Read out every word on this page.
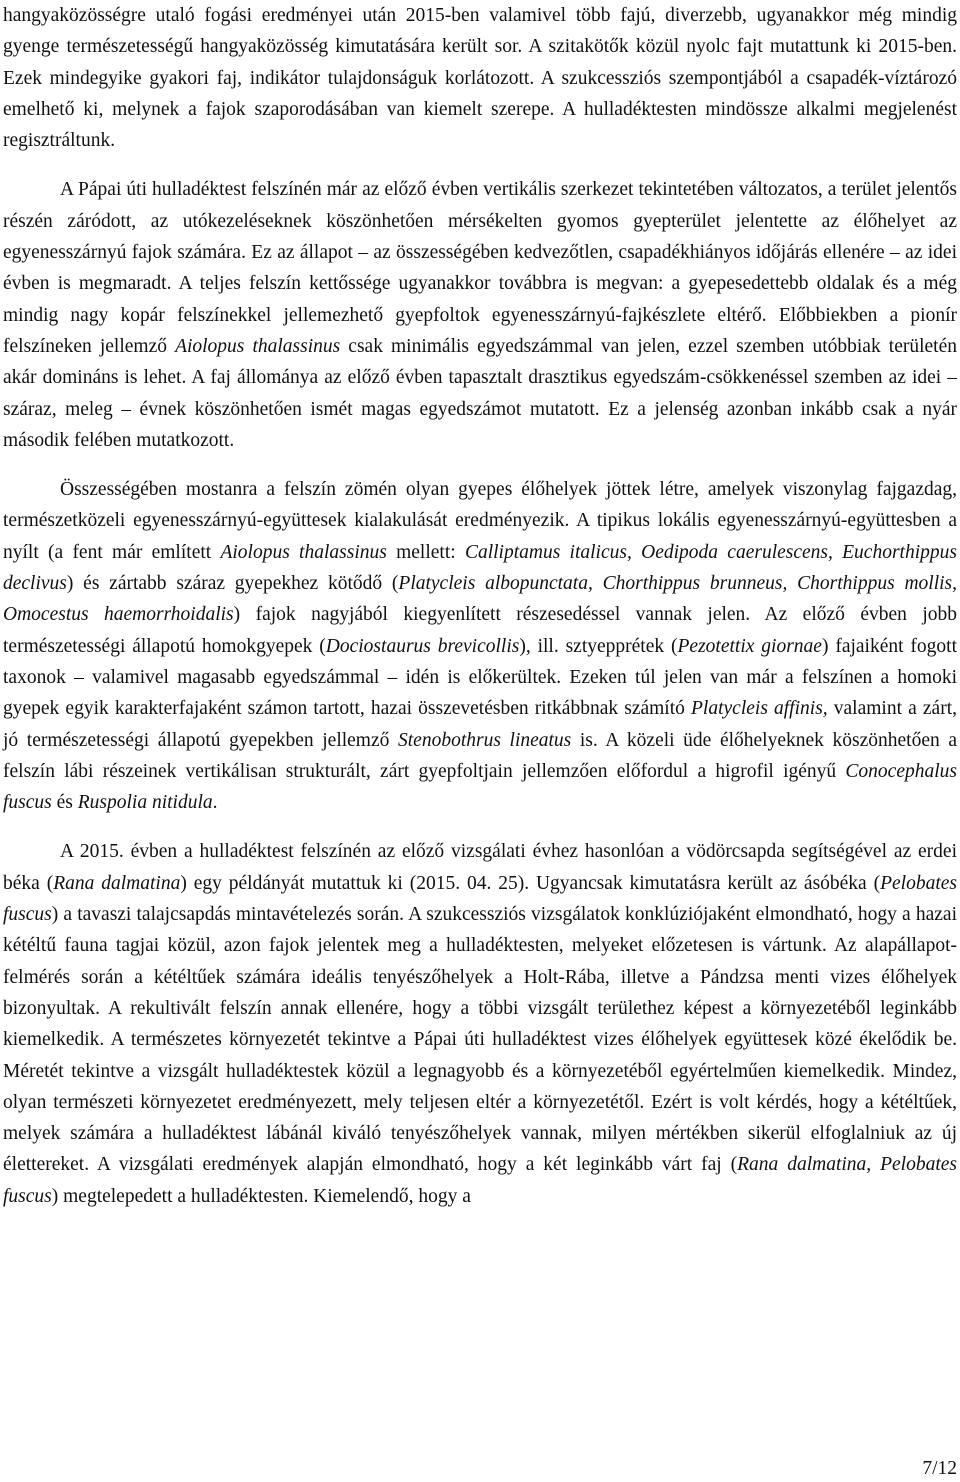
hangyaközösségre utaló fogási eredményei után 2015-ben valamivel több fajú, diverzebb, ugyanakkor még mindig gyenge természetességű hangyaközösség kimutatására került sor. A szitakötők közül nyolc fajt mutattunk ki 2015-ben. Ezek mindegyike gyakori faj, indikátor tulajdonságuk korlátozott. A szukcessziós szempontjából a csapadék-víztározó emelhető ki, melynek a fajok szaporodásában van kiemelt szerepe. A hulladéktesten mindössze alkalmi megjelenést regisztráltunk.

A Pápai úti hulladéktest felszínén már az előző évben vertikális szerkezet tekintetében változatos, a terület jelentős részén záródott, az utókezeléseknek köszönhetően mérsékelten gyomos gyepterület jelentette az élőhelyet az egyenesszárnyú fajok számára. Ez az állapot – az összességében kedvezőtlen, csapadékhiányos időjárás ellenére – az idei évben is megmaradt. A teljes felszín kettőssége ugyanakkor továbbra is megvan: a gyepesedettebb oldalak és a még mindig nagy kopár felszínekkel jellemezhető gyepfoltok egyenesszárnyú-fajkészlete eltérő. Előbbiekben a pionír felszíneken jellemző Aiolopus thalassinus csak minimális egyedszámmal van jelen, ezzel szemben utóbbiak területén akár domináns is lehet. A faj állománya az előző évben tapasztalt drasztikus egyedszám-csökkenéssel szemben az idei – száraz, meleg – évnek köszönhetően ismét magas egyedszámot mutatott. Ez a jelenség azonban inkább csak a nyár második felében mutatkozott.

Összességében mostanra a felszín zömén olyan gyepes élőhelyek jöttek létre, amelyek viszonylag fajgazdag, természetközeli egyenesszárnyú-együttesek kialakulását eredményezik. A tipikus lokális egyenesszárnyú-együttesben a nyílt (a fent már említett Aiolopus thalassinus mellett: Calliptamus italicus, Oedipoda caerulescens, Euchorthippus declivus) és zártabb száraz gyepekhez kötődő (Platycleis albopunctata, Chorthippus brunneus, Chorthippus mollis, Omocestus haemorrhoidalis) fajok nagyjából kiegyenlített részesedéssel vannak jelen. Az előző évben jobb természetességi állapotú homokgyepek (Dociostaurus brevicollis), ill. sztyepprétek (Pezotettix giornae) fajaiként fogott taxonok – valamivel magasabb egyedszámmal – idén is előkerültek. Ezeken túl jelen van már a felszínen a homoki gyepek egyik karakterfajaként számon tartott, hazai összevetésben ritkábbnak számító Platycleis affinis, valamint a zárt, jó természetességi állapotú gyepekben jellemző Stenobothrus lineatus is. A közeli üde élőhelyeknek köszönhetően a felszín lábi részeinek vertikálisan strukturált, zárt gyepfoltjain jellemzően előfordul a higrofil igényű Conocephalus fuscus és Ruspolia nitidula.

A 2015. évben a hulladéktest felszínén az előző vizsgálati évhez hasonlóan a vödörcsapda segítségével az erdei béka (Rana dalmatina) egy példányát mutattuk ki (2015. 04. 25). Ugyancsak kimutatásra került az ásóbéka (Pelobates fuscus) a tavaszi talajcsapdás mintavételezés során. A szukcessziós vizsgálatok konklúziójaként elmondható, hogy a hazai kétéltű fauna tagjai közül, azon fajok jelentek meg a hulladéktesten, melyeket előzetesen is vártunk. Az alapállapot-felmérés során a kétéltűek számára ideális tenyészőhelyek a Holt-Rába, illetve a Pándzsa menti vizes élőhelyek bizonyultak. A rekultivált felszín annak ellenére, hogy a többi vizsgált területhez képest a környezetéből leginkább kiemelkedik. A természetes környezetét tekintve a Pápai úti hulladéktest vizes élőhelyek együttesek közé ékelődik be. Méretét tekintve a vizsgált hulladéktestek közül a legnagyobb és a környezetéből egyértelműen kiemelkedik. Mindez, olyan természeti környezetet eredményezett, mely teljesen eltér a környezetétől. Ezért is volt kérdés, hogy a kétéltűek, melyek számára a hulladéktest lábánál kiváló tenyészőhelyek vannak, milyen mértékben sikerül elfoglalniuk az új élettereket. A vizsgálati eredmények alapján elmondható, hogy a két leginkább várt faj (Rana dalmatina, Pelobates fuscus) megtelepedett a hulladéktesten. Kiemelendő, hogy a

7/12
